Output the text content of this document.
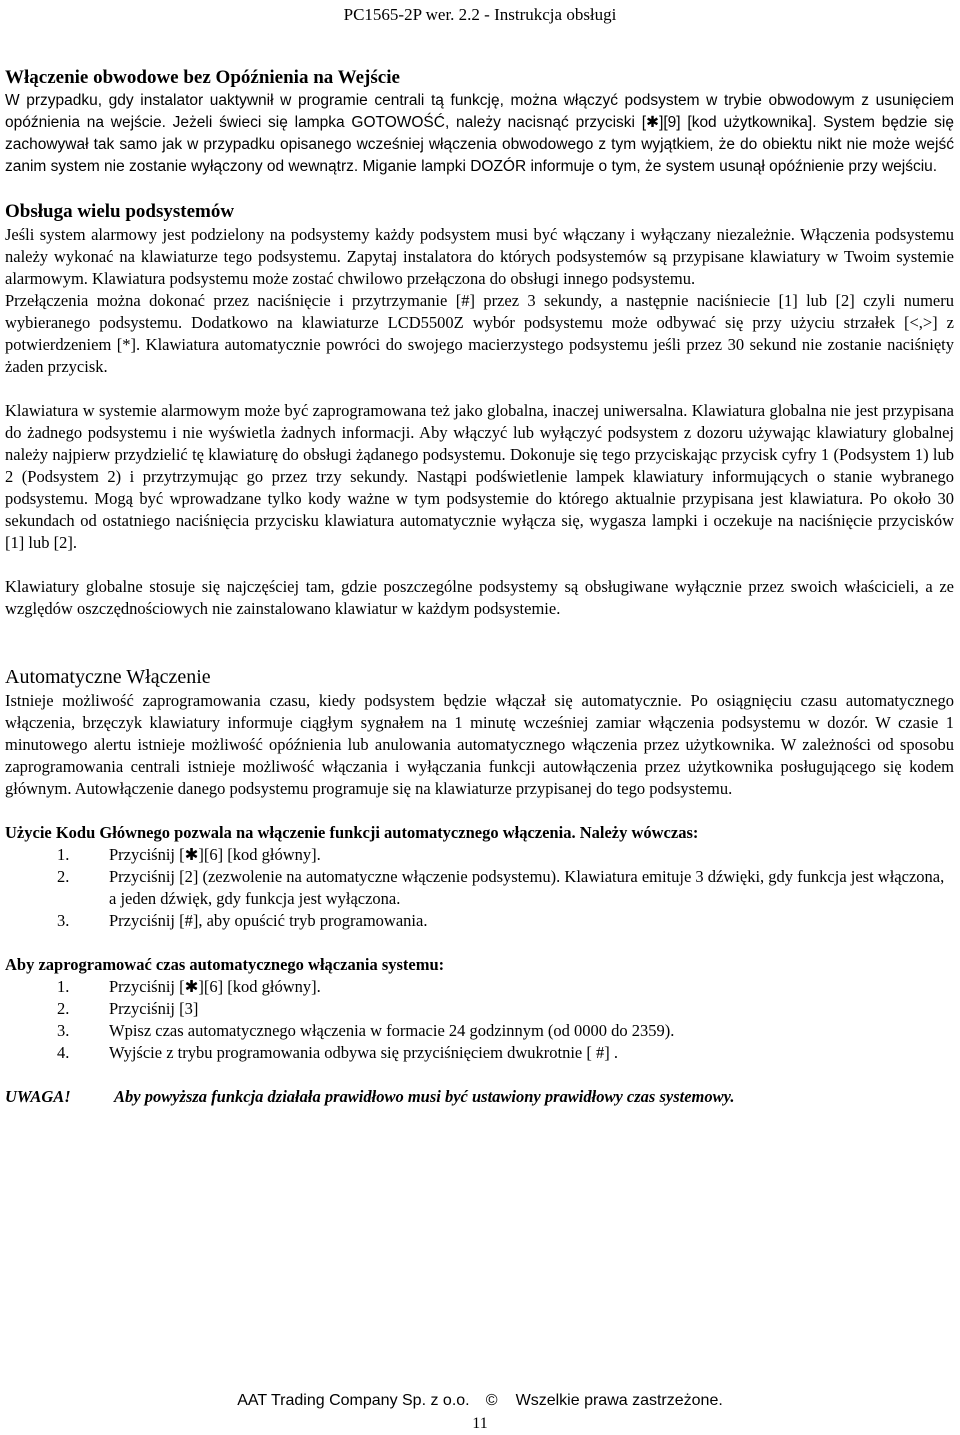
PC1565-2P wer. 2.2 - Instrukcja obsługi
Włączenie obwodowe bez Opóźnienia na Wejście

W przypadku, gdy instalator uaktywnił w programie centrali tą funkcję, można włączyć podsystem w trybie obwodowym z usunięciem opóźnienia na wejście. Jeżeli świeci się lampka GOTOWOŚĆ, należy nacisnąć przyciski [✱][9] [kod użytkownika]. System będzie się zachowywał tak samo jak w przypadku opisanego wcześniej włączenia obwodowego z tym wyjątkiem, że do obiektu nikt nie może wejść zanim system nie zostanie wyłączony od wewnątrz. Miganie lampki DOZÓR informuje o tym, że system usunął opóźnienie przy wejściu.

Obsługa wielu podsystemów

Jeśli system alarmowy jest podzielony na podsystemy każdy podsystem musi być włączany i wyłączany niezależnie. Włączenia podsystemu należy wykonać na klawiaturze tego podsystemu. Zapytaj instalatora do których podsystemów są przypisane klawiatury w Twoim systemie alarmowym. Klawiatura podsystemu może zostać chwilowo przełączona do obsługi innego podsystemu.

Przełączenia można dokonać przez naciśnięcie i przytrzymanie [#] przez 3 sekundy, a następnie naciśniecie [1] lub [2] czyli numeru wybieranego podsystemu. Dodatkowo na klawiaturze LCD5500Z wybór podsystemu może odbywać się przy użyciu strzałek [<,>] z potwierdzeniem [*]. Klawiatura automatycznie powróci do swojego macierzystego podsystemu jeśli przez 30 sekund nie zostanie naciśnięty żaden przycisk.

Klawiatura w systemie alarmowym może być zaprogramowana też jako globalna, inaczej uniwersalna. Klawiatura globalna nie jest przypisana do żadnego podsystemu i nie wyświetla żadnych informacji. Aby włączyć lub wyłączyć podsystem z dozoru używając klawiatury globalnej należy najpierw przydzielić tę klawiaturę do obsługi żądanego podsystemu. Dokonuje się tego przyciskając przycisk cyfry 1 (Podsystem 1) lub 2 (Podsystem 2) i przytrzymując go przez trzy sekundy. Nastąpi podświetlenie lampek klawiatury informujących o stanie wybranego podsystemu. Mogą być wprowadzane tylko kody ważne w tym podsystemie do którego aktualnie przypisana jest klawiatura. Po około 30 sekundach od ostatniego naciśnięcia przycisku klawiatura automatycznie wyłącza się, wygasza lampki i oczekuje na naciśnięcie przycisków [1] lub [2].

Klawiatury globalne stosuje się najczęściej tam, gdzie poszczególne podsystemy są obsługiwane wyłącznie przez swoich właścicieli, a ze względów oszczędnościowych nie zainstalowano klawiatur w każdym podsystemie.

Automatyczne Włączenie

Istnieje możliwość zaprogramowania czasu, kiedy podsystem będzie włączał się automatycznie. Po osiągnięciu czasu automatycznego włączenia, brzęczyk klawiatury informuje ciągłym sygnałem na 1 minutę wcześniej zamiar włączenia podsystemu w dozór. W czasie 1 minutowego alertu istnieje możliwość opóźnienia lub anulowania automatycznego włączenia przez użytkownika. W zależności od sposobu zaprogramowania centrali istnieje możliwość włączania i wyłączania funkcji autowłączenia przez użytkownika posługującego się kodem głównym. Autowłączenie danego podsystemu programuje się na klawiaturze przypisanej do tego podsystemu.

Użycie Kodu Głównego pozwala na włączenie funkcji automatycznego włączenia. Należy wówczas:

1.	Przyciśnij [✱][6] [kod główny].
2.	Przyciśnij [2] (zezwolenie na automatyczne włączenie podsystemu). Klawiatura emituje 3 dźwięki, gdy funkcja jest włączona, a jeden dźwięk, gdy funkcja jest wyłączona.
3.	Przyciśnij [#], aby opuścić tryb programowania.

Aby zaprogramować czas automatycznego włączania systemu:

1.	Przyciśnij [✱][6] [kod główny].
2.	Przyciśnij [3]
3.	Wpisz czas automatycznego włączenia w formacie 24 godzinnym (od 0000 do 2359).
4.	Wyjście z trybu programowania odbywa się przyciśnięciem dwukrotnie [ #] .
UWAGA!	Aby powyższa funkcja działała prawidłowo musi być ustawiony prawidłowy czas systemowy.
AAT Trading Company Sp. z o.o. © Wszelkie prawa zastrzeżone.
11
